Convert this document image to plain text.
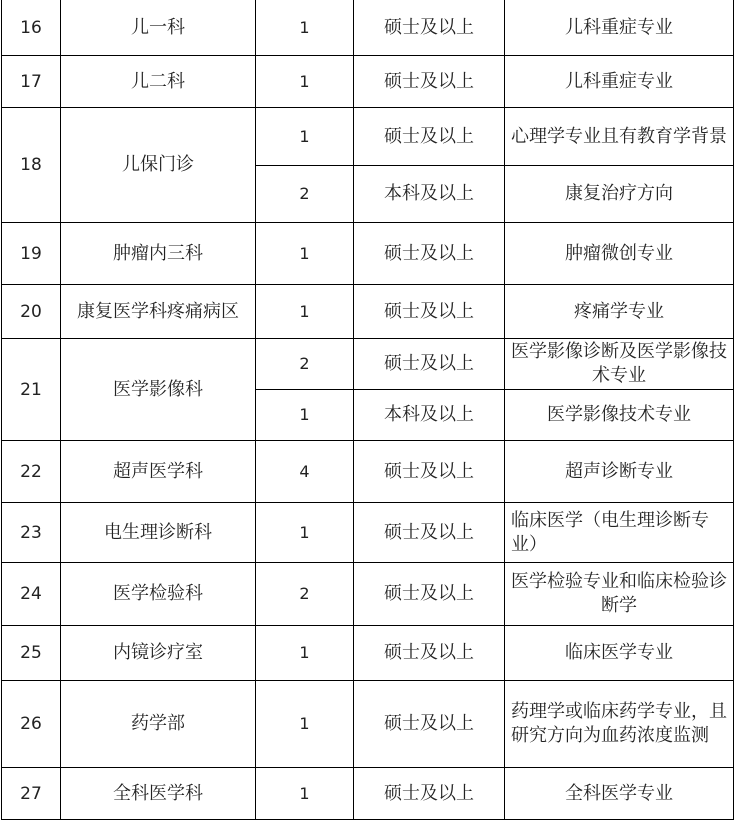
16	儿一科	1	硕士及以上	儿科重症专业
17	儿二科	1	硕士及以上	儿科重症专业
18	儿保门诊	1	硕士及以上	心理学专业且有教育学背景

		2	本科及以上	康复治疗方向
19	肿瘤内三科	1	硕士及以上	肿瘤微创专业
20	康复医学科疼痛病区	1	硕士及以上	疼痛学专业
21	医学影像科	2	硕士及以上	医学影像诊断及医学影像技术专业

		1	本科及以上	医学影像技术专业
22	超声医学科	4	硕士及以上	超声诊断专业
23	电生理诊断科	1	硕士及以上	临床医学（电生理诊断专业）

24	医学检验科	2	硕士及以上	医学检验专业和临床检验诊断学

25	内镜诊疗室	1	硕士及以上	临床医学专业
26	药学部	1	硕士及以上	药理学或临床药学专业，且研究方向为血药浓度监测

27	全科医学科	1	硕士及以上	全科医学专业
